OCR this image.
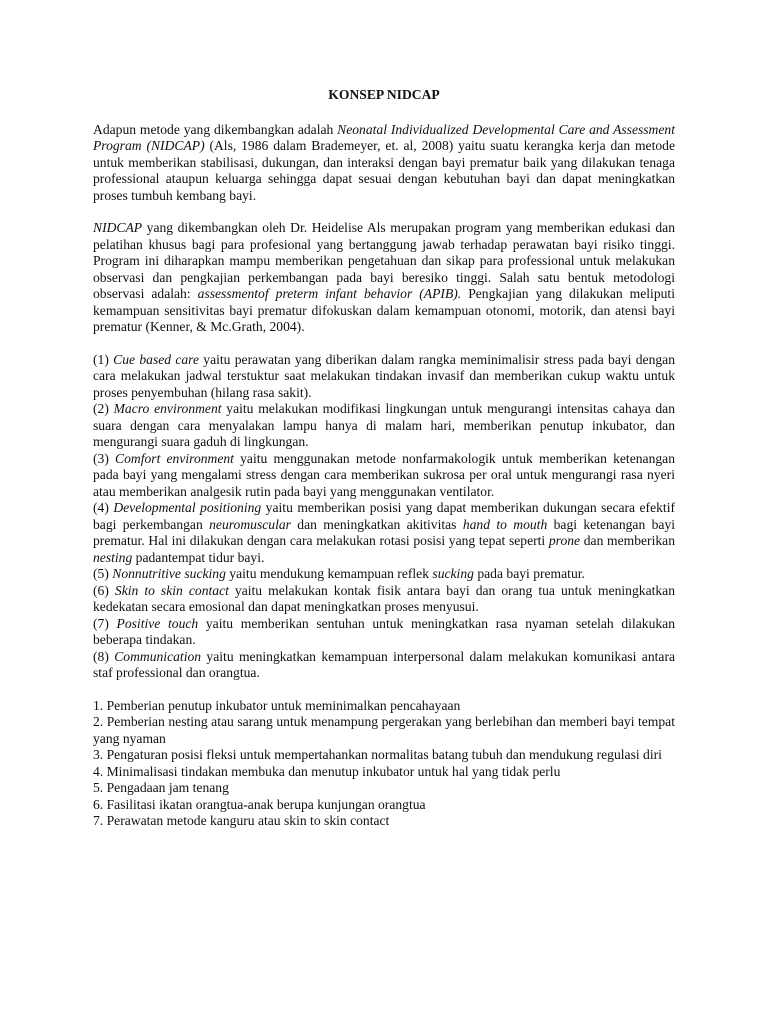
KONSEP NIDCAP

Adapun metode yang dikembangkan adalah Neonatal Individualized Developmental Care and Assessment Program (NIDCAP) (Als, 1986 dalam Brademeyer, et. al, 2008) yaitu suatu kerangka kerja dan metode untuk memberikan stabilisasi, dukungan, dan interaksi dengan bayi prematur baik yang dilakukan tenaga professional ataupun keluarga sehingga dapat sesuai dengan kebutuhan bayi dan dapat meningkatkan proses tumbuh kembang bayi.

NIDCAP yang dikembangkan oleh Dr. Heidelise Als merupakan program yang memberikan edukasi dan pelatihan khusus bagi para profesional yang bertanggung jawab terhadap perawatan bayi risiko tinggi. Program ini diharapkan mampu memberikan pengetahuan dan sikap para professional untuk melakukan observasi dan pengkajian perkembangan pada bayi beresiko tinggi. Salah satu bentuk metodologi observasi adalah: assessmentof preterm infant behavior (APIB). Pengkajian yang dilakukan meliputi kemampuan sensitivitas bayi prematur difokuskan dalam kemampuan otonomi, motorik, dan atensi bayi prematur (Kenner, & Mc.Grath, 2004).

(1) Cue based care yaitu perawatan yang diberikan dalam rangka meminimalisir stress pada bayi dengan cara melakukan jadwal terstuktur saat melakukan tindakan invasif dan memberikan cukup waktu untuk proses penyembuhan (hilang rasa sakit).

(2) Macro environment yaitu melakukan modifikasi lingkungan untuk mengurangi intensitas cahaya dan suara dengan cara menyalakan lampu hanya di malam hari, memberikan penutup inkubator, dan mengurangi suara gaduh di lingkungan.

(3) Comfort environment yaitu menggunakan metode nonfarmakologik untuk memberikan ketenangan pada bayi yang mengalami stress dengan cara memberikan sukrosa per oral untuk mengurangi rasa nyeri atau memberikan analgesik rutin pada bayi yang menggunakan ventilator.

(4) Developmental positioning yaitu memberikan posisi yang dapat memberikan dukungan secara efektif bagi perkembangan neuromuscular dan meningkatkan akitivitas hand to mouth bagi ketenangan bayi prematur. Hal ini dilakukan dengan cara melakukan rotasi posisi yang tepat seperti prone dan memberikan nesting padantempat tidur bayi.

(5) Nonnutritive sucking yaitu mendukung kemampuan reflek sucking pada bayi prematur.

(6) Skin to skin contact yaitu melakukan kontak fisik antara bayi dan orang tua untuk meningkatkan kedekatan secara emosional dan dapat meningkatkan proses menyusui.

(7) Positive touch yaitu memberikan sentuhan untuk meningkatkan rasa nyaman setelah dilakukan beberapa tindakan.

(8) Communication yaitu meningkatkan kemampuan interpersonal dalam melakukan komunikasi antara staf professional dan orangtua.

1. Pemberian penutup inkubator untuk meminimalkan pencahayaan

2. Pemberian nesting atau sarang untuk menampung pergerakan yang berlebihan dan memberi bayi tempat yang nyaman

3. Pengaturan posisi fleksi untuk mempertahankan normalitas batang tubuh dan mendukung regulasi diri

4. Minimalisasi tindakan membuka dan menutup inkubator untuk hal yang tidak perlu

5. Pengadaan jam tenang

6. Fasilitasi ikatan orangtua-anak berupa kunjungan orangtua

7. Perawatan metode kanguru atau skin to skin contact
